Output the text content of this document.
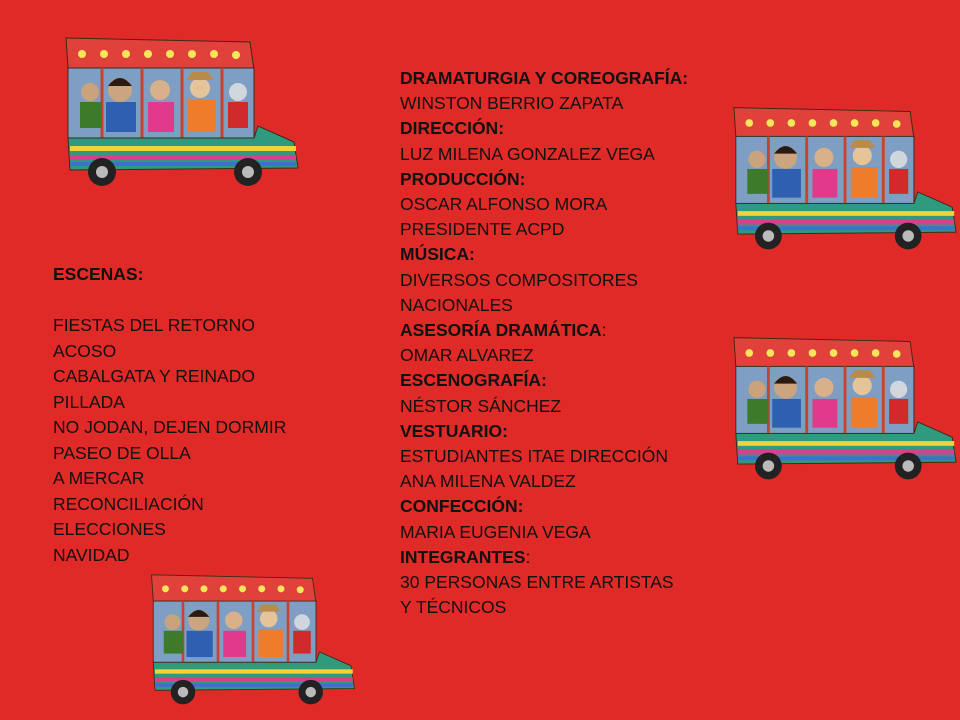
ESCENAS:
FIESTAS DEL RETORNO
ACOSO
CABALGATA Y REINADO
PILLADA
NO JODAN, DEJEN DORMIR
PASEO DE OLLA
A MERCAR
RECONCILIACIÓN
ELECCIONES
NAVIDAD
DRAMATURGIA Y COREOGRAFÍA:
WINSTON BERRIO ZAPATA
DIRECCIÓN:
LUZ MILENA GONZALEZ VEGA
PRODUCCIÓN:
OSCAR ALFONSO MORA
PRESIDENTE ACPD
MÚSICA:
DIVERSOS COMPOSITORES
NACIONALES
ASESORÍA DRAMÁTICA:
OMAR ALVAREZ
ESCENOGRAFÍA:
NÉSTOR SÁNCHEZ
VESTUARIO:
ESTUDIANTES ITAE DIRECCIÓN
ANA MILENA VALDEZ
CONFECCIÓN:
MARIA EUGENIA VEGA
INTEGRANTES:
30 PERSONAS ENTRE ARTISTAS
Y TÉCNICOS
